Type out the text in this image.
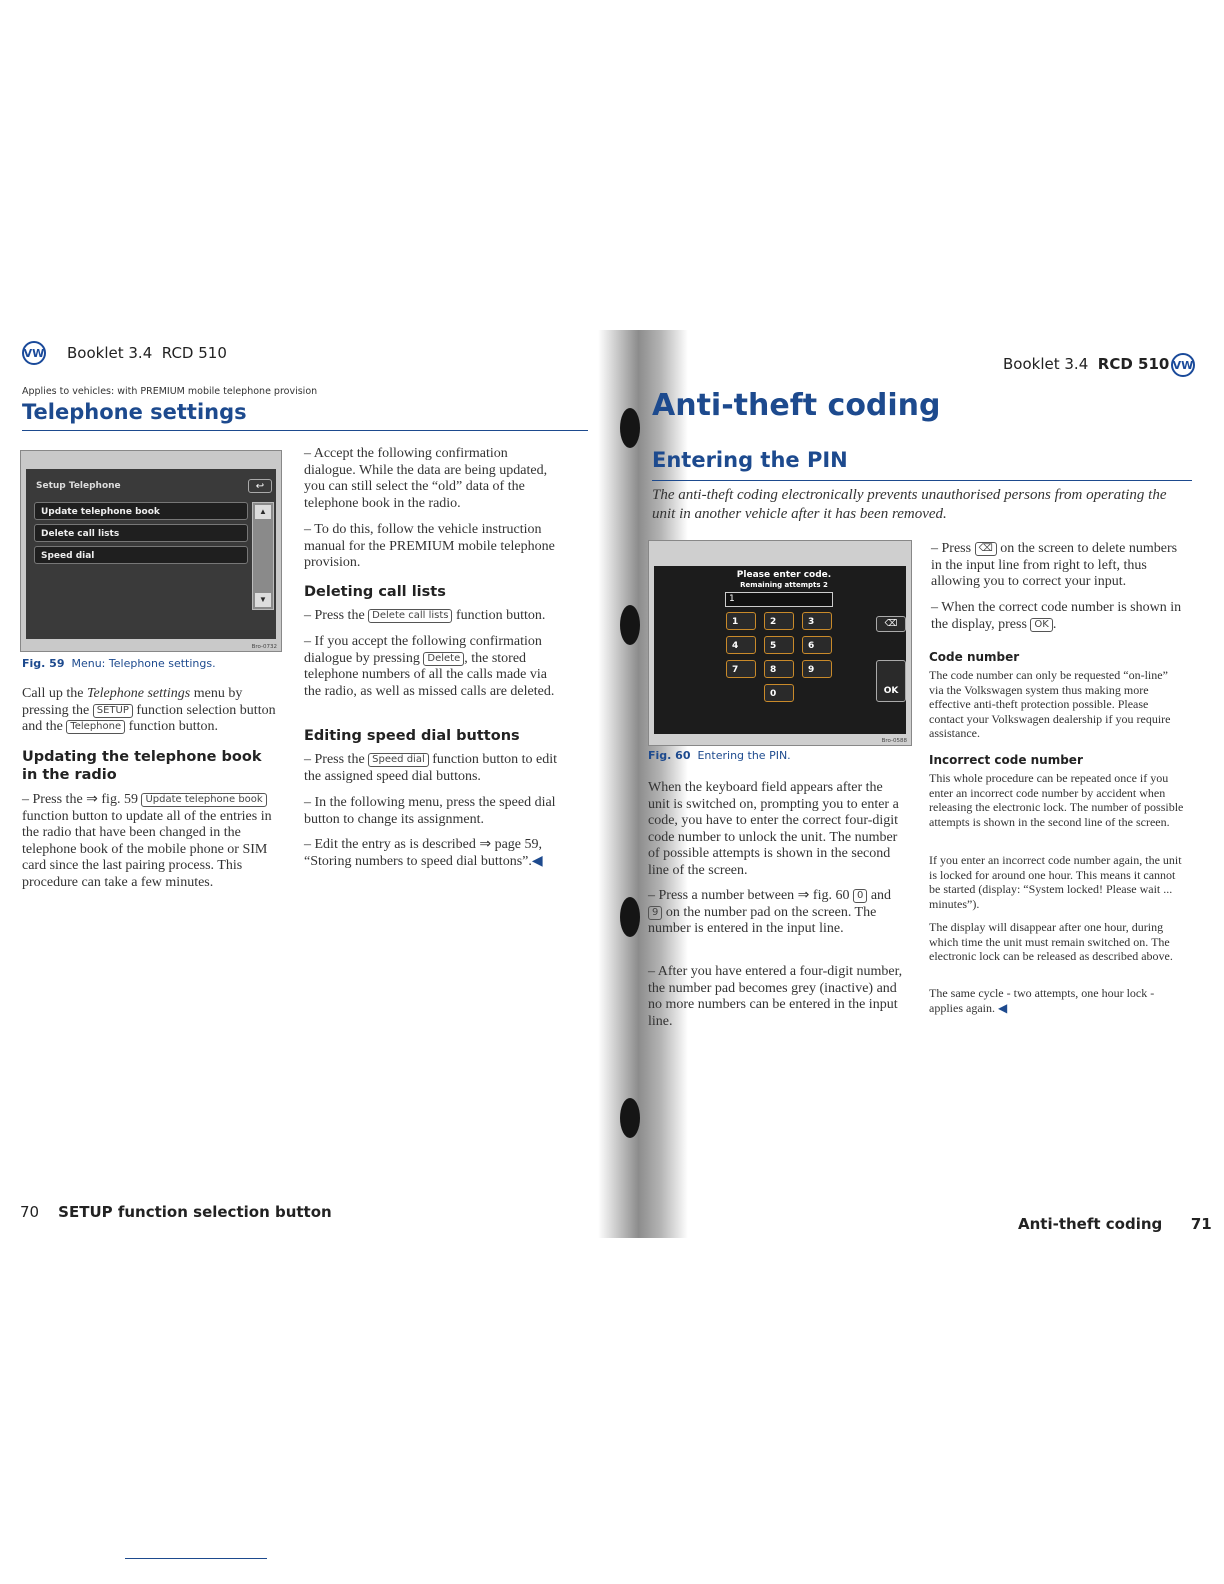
VW Booklet 3.4 RCD 510
Applies to vehicles: with PREMIUM mobile telephone provision
Telephone settings
Setup Telephone	↩
Update telephone book
Delete call lists
Speed dial
▲
▼
Bro-0732
Fig. 59 Menu: Telephone settings.
Call up the Telephone settings menu by pressing the SETUP function selection button and the Telephone function button.
Updating the telephone book in the radio
– Press the ⇒ fig. 59 Update telephone book function button to update all of the entries in the radio that have been changed in the telephone book of the mobile phone or SIM card since the last pairing process. This procedure can take a few minutes.
– Accept the following confirmation dialogue. While the data are being updated, you can still select the “old” data of the telephone book in the radio.
– To do this, follow the vehicle instruction manual for the PREMIUM mobile telephone provision.
Deleting call lists
– Press the Delete call lists function button.
– If you accept the following confirmation dialogue by pressing Delete , the stored telephone numbers of all the calls made via the radio, as well as missed calls are deleted.
Editing speed dial buttons
– Press the Speed dial function button to edit the assigned speed dial buttons.
– In the following menu, press the speed dial button to change its assignment.
– Edit the entry as is described ⇒ page 59, “Storing numbers to speed dial buttons”.◀
70 SETUP function selection button
Booklet 3.4 RCD 510 VW
Anti-theft coding
Entering the PIN
The anti-theft coding electronically prevents unauthorised persons from operating the unit in another vehicle after it has been removed.
Please enter code.
Remaining attempts 2
1
1	2	3
4	5	6
7	8	9
0
⌫
OK
Bro-0588
Fig. 60 Entering the PIN.
When the keyboard field appears after the unit is switched on, prompting you to enter a code, you have to enter the correct four-digit code number to unlock the unit. The number of possible attempts is shown in the second line of the screen.
– Press a number between ⇒ fig. 60 0 and 9 on the number pad on the screen. The number is entered in the input line.
– After you have entered a four-digit number, the number pad becomes grey (inactive) and no more numbers can be entered in the input line.
– Press ⌫ on the screen to delete numbers in the input line from right to left, thus allowing you to correct your input.
– When the correct code number is shown in the display, press OK .
Code number
The code number can only be requested “on-line” via the Volkswagen system thus making more effective anti-theft protection possible. Please contact your Volkswagen dealership if you require assistance.
Incorrect code number
This whole procedure can be repeated once if you enter an incorrect code number by accident when releasing the electronic lock. The number of possible attempts is shown in the second line of the screen.
If you enter an incorrect code number again, the unit is locked for around one hour. This means it cannot be started (display: “System locked! Please wait ... minutes”).
The display will disappear after one hour, during which time the unit must remain switched on. The electronic lock can be released as described above.
The same cycle - two attempts, one hour lock - applies again. ◀
Anti-theft coding 71
